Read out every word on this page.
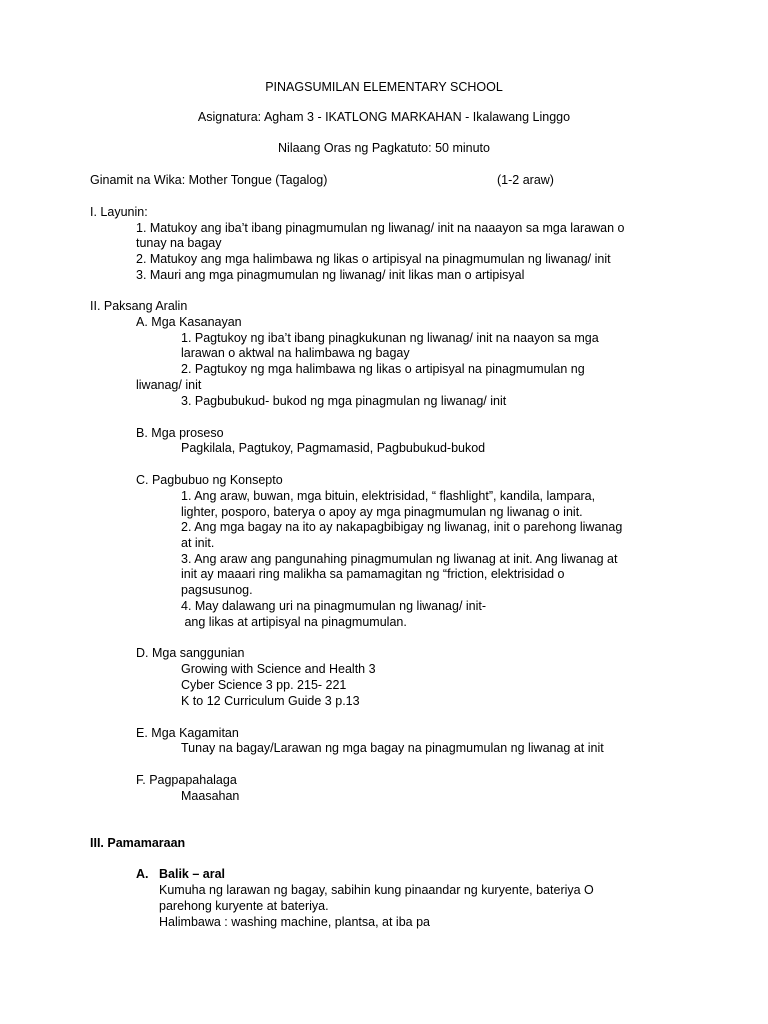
PINAGSUMILAN ELEMENTARY SCHOOL
Asignatura: Agham 3 - IKATLONG MARKAHAN - Ikalawang Linggo
Nilaang Oras ng Pagkatuto: 50 minuto
Ginamit na Wika: Mother Tongue (Tagalog)	(1-2 araw)
I. Layunin:
1. Matukoy ang iba’t ibang pinagmumulan ng liwanag/ init na naaayon sa mga larawan o
tunay na bagay
2. Matukoy ang mga halimbawa ng likas o artipisyal na pinagmumulan ng liwanag/ init
3. Mauri ang mga pinagmumulan ng liwanag/ init likas man o artipisyal
II. Paksang Aralin
A. Mga Kasanayan
1. Pagtukoy ng iba’t ibang pinagkukunan ng liwanag/ init na naayon sa mga
larawan o aktwal na halimbawa ng bagay
2. Pagtukoy ng mga halimbawa ng likas o artipisyal na pinagmumulan ng
liwanag/ init
3. Pagbubukud- bukod ng mga pinagmulan ng liwanag/ init
B. Mga proseso
Pagkilala, Pagtukoy, Pagmamasid, Pagbubukud-bukod
C. Pagbubuo ng Konsepto
1. Ang araw, buwan, mga bituin, elektrisidad, “ flashlight”, kandila, lampara,
lighter, posporo, baterya o apoy ay mga pinagmumulan ng liwanag o init.
2. Ang mga bagay na ito ay nakapagbibigay ng liwanag, init o parehong liwanag
at init.
3. Ang araw ang pangunahing pinagmumulan ng liwanag at init. Ang liwanag at
init ay maaari ring malikha sa pamamagitan ng “friction, elektrisidad o
pagsusunog.
4. May dalawang uri na pinagmumulan ng liwanag/ init-
ang likas at artipisyal na pinagmumulan.
D. Mga sanggunian
Growing with Science and Health 3
Cyber Science 3 pp. 215- 221
K to 12 Curriculum Guide 3 p.13
E. Mga Kagamitan
Tunay na bagay/Larawan ng mga bagay na pinagmumulan ng liwanag at init
F. Pagpapahalaga
Maasahan
III. Pamamaraan
A. Balik – aral
Kumuha ng larawan ng bagay, sabihin kung pinaandar ng kuryente, bateriya O
parehong kuryente at bateriya.
Halimbawa : washing machine, plantsa, at iba pa
